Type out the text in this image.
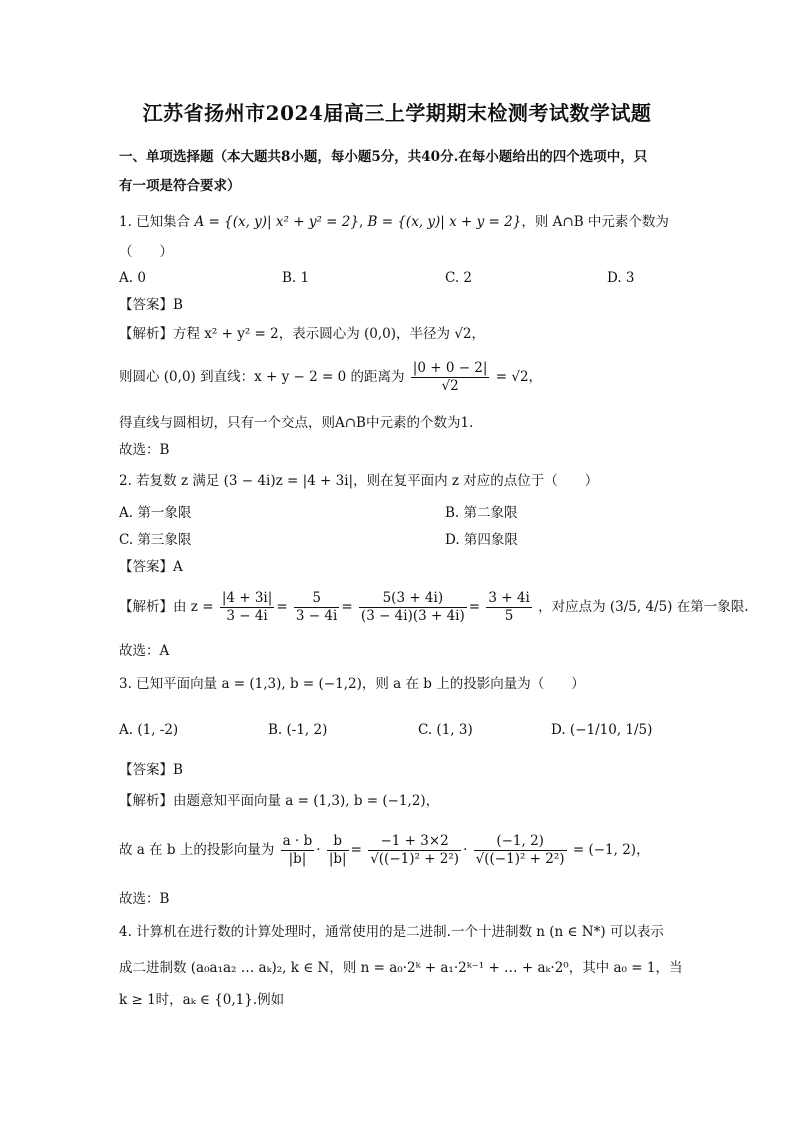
江苏省扬州市2024届高三上学期期末检测考试数学试题
一、单项选择题（本大题共8小题，每小题5分，共40分.在每小题给出的四个选项中，只
有一项是符合要求）
1. 已知集合 A = {(x, y)| x² + y² = 2}, B = {(x, y)| x + y = 2}，则 A∩B 中元素个数为
（　　）
A. 0	B. 1	C. 2	D. 3
【答案】B
【解析】方程 x² + y² = 2，表示圆心为 (0,0)，半径为 √2，
则圆心 (0,0) 到直线：x + y − 2 = 0 的距离为 $\frac{|0 + 0 - 2|}{√2} = √2$，
得直线与圆相切，只有一个交点，则A∩B中元素的个数为1.
故选：B
2. 若复数 z 满足 (3 − 4i)z = |4 + 3i|，则在复平面内 z 对应的点位于（　　）
A. 第一象限	B. 第二象限
C. 第三象限	D. 第四象限
【答案】A
【解析】由 $z = \frac{|4 + 3i|}{3 - 4i} = \frac{5}{3 - 4i} = \frac{5(3 + 4i)}{(3 - 4i)(3 + 4i)} = \frac{3 + 4i}{5}$ ，对应点为 (3/5, 4/5) 在第一象限.
故选：A
3. 已知平面向量 a = (1,3), b = (−1,2)，则 a 在 b 上的投影向量为（　　）
A. (1, -2)	B. (-1, 2)	C. (1, 3)	D. (−1/10, 1/5)
【答案】B
【解析】由题意知平面向量 a = (1,3), b = (−1,2)，
故 a 在 b 上的投影向量为 $\frac{a \cdot b}{|b|} \cdot \frac{b}{|b|} = \frac{-1 + 3\times 2}{\text{√((−1)² + 2²)}} \cdot \frac{(-1, 2)}{\text{√((−1)² + 2²)}} = (-1$, 2)，
故选：B
4. 计算机在进行数的计算处理时，通常使用的是二进制.一个十进制数 n (n ∈ N*) 可以表示
成二进制数 (a₀a₁a₂ … aₖ)₂, k ∈ N，则 n = a₀·2ᵏ + a₁·2ᵏ⁻¹ + … + aₖ·2⁰，其中 a₀ = 1，当
k ≥ 1时，aₖ ∈ {0,1}.例如
